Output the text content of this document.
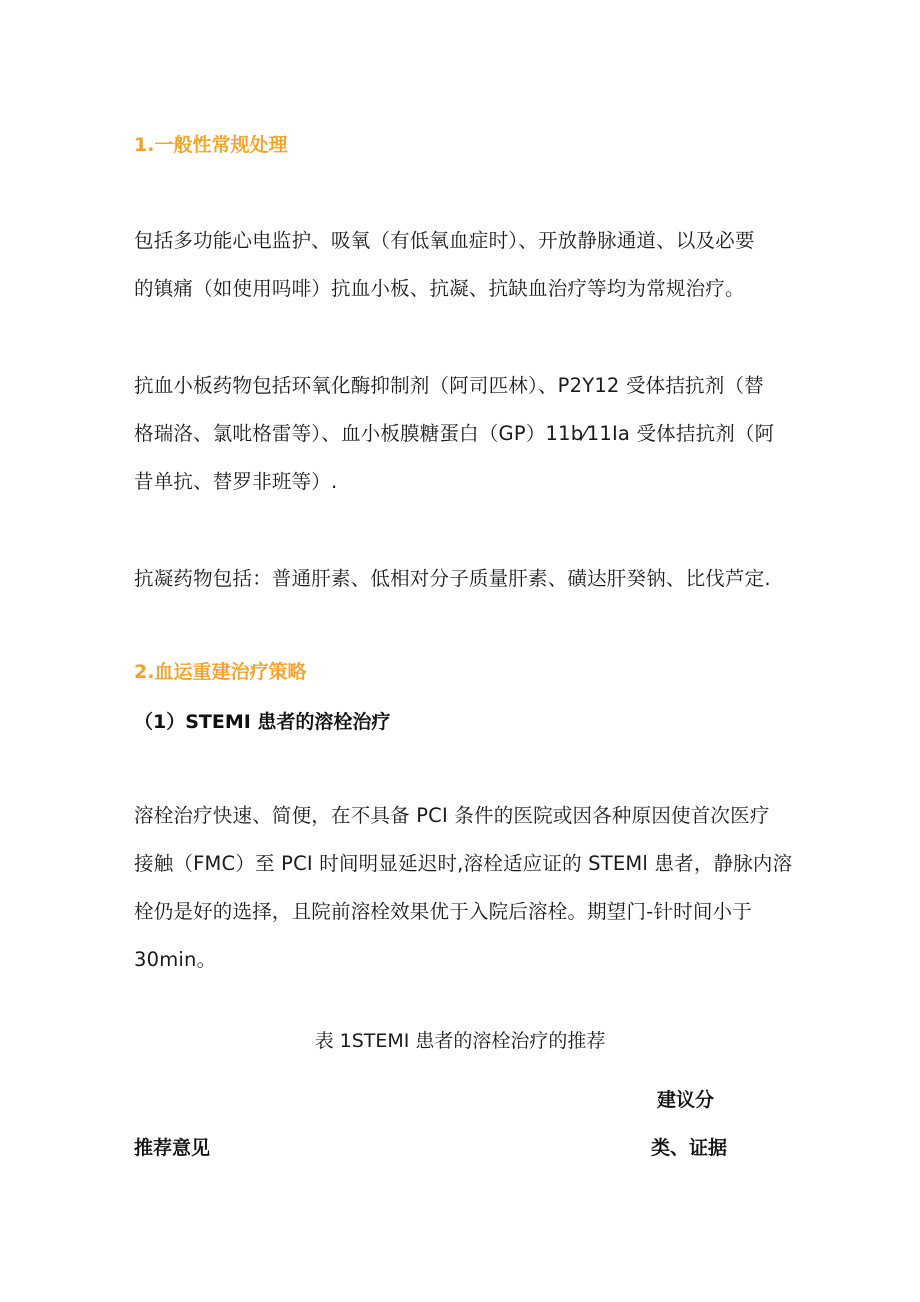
1.一般性常规处理
包括多功能心电监护、吸氧（有低氧血症时）、开放静脉通道、以及必要
的镇痛（如使用吗啡）抗血小板、抗凝、抗缺血治疗等均为常规治疗。
抗血小板药物包括环氧化酶抑制剂（阿司匹林）、P2Y12 受体拮抗剂（替
格瑞洛、氯吡格雷等）、血小板膜糖蛋白（GP）11b⁄11Ia 受体拮抗剂（阿
昔单抗、替罗非班等）.
抗凝药物包括：普通肝素、低相对分子质量肝素、磺达肝癸钠、比伐芦定.
2.血运重建治疗策略
（1）STEMI 患者的溶栓治疗
溶栓治疗快速、简便，在不具备 PCI 条件的医院或因各种原因使首次医疗
接触（FMC）至 PCI 时间明显延迟时,溶栓适应证的 STEMl 患者，静脉内溶
栓仍是好的选择，且院前溶栓效果优于入院后溶栓。期望门-针时间小于
30min。
表 1STEMI 患者的溶栓治疗的推荐
建议分
推荐意见	类、证据
